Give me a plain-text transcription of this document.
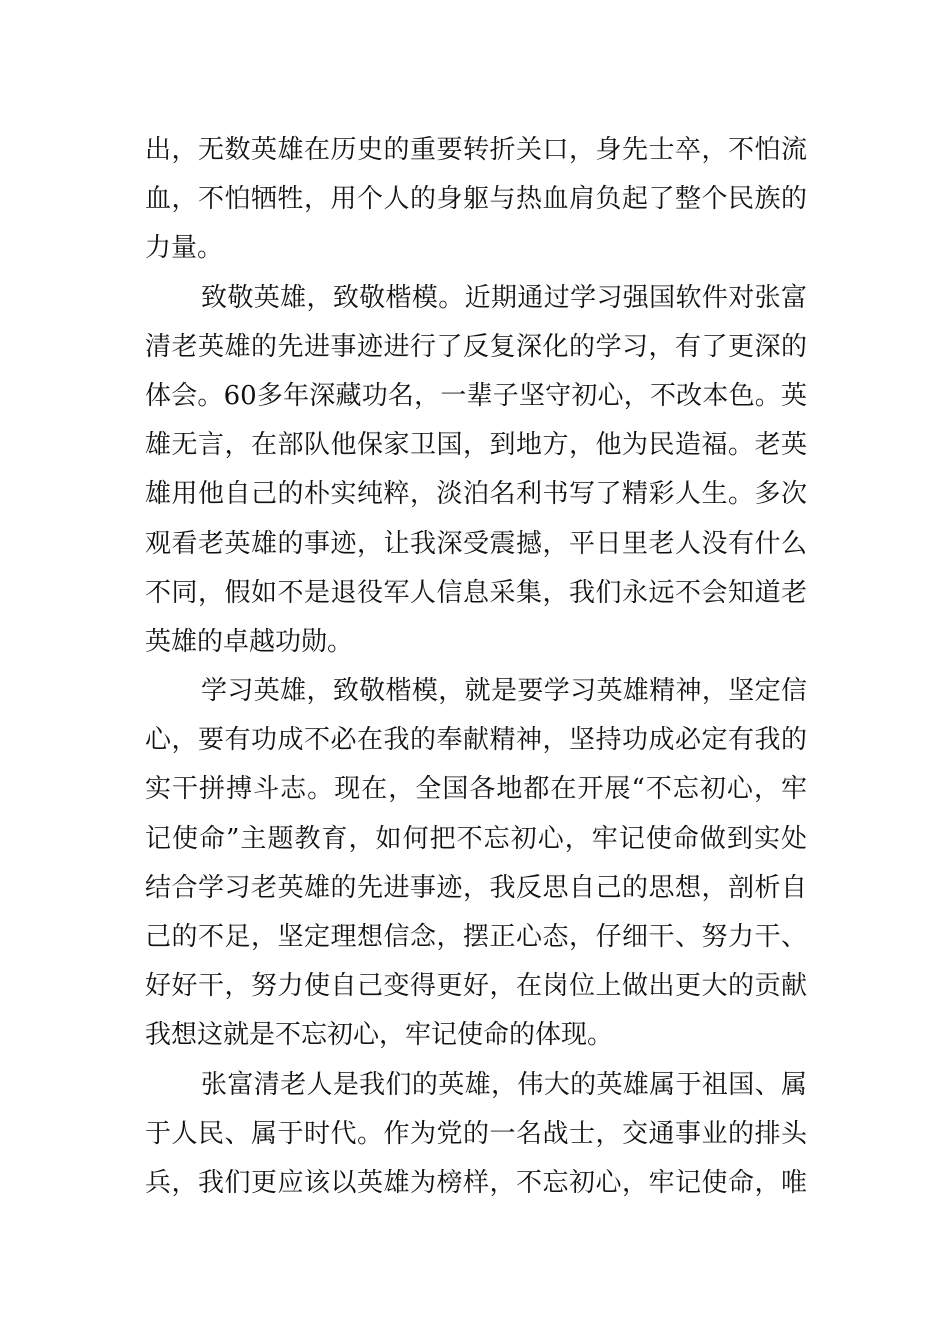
出，无数英雄在历史的重要转折关口，身先士卒，不怕流
血，不怕牺牲，用个人的身躯与热血肩负起了整个民族的
力量。
致敬英雄，致敬楷模。近期通过学习强国软件对张富
清老英雄的先进事迹进行了反复深化的学习，有了更深的
体会。60多年深藏功名，一辈子坚守初心，不改本色。英
雄无言，在部队他保家卫国，到地方，他为民造福。老英
雄用他自己的朴实纯粹，淡泊名利书写了精彩人生。多次
观看老英雄的事迹，让我深受震撼，平日里老人没有什么
不同，假如不是退役军人信息采集，我们永远不会知道老
英雄的卓越功勋。
学习英雄，致敬楷模，就是要学习英雄精神，坚定信
心，要有功成不必在我的奉献精神，坚持功成必定有我的
实干拼搏斗志。现在，全国各地都在开展“不忘初心，牢
记使命”主题教育，如何把不忘初心，牢记使命做到实处
结合学习老英雄的先进事迹，我反思自己的思想，剖析自
己的不足，坚定理想信念，摆正心态，仔细干、努力干、
好好干，努力使自己变得更好，在岗位上做出更大的贡献
我想这就是不忘初心，牢记使命的体现。
张富清老人是我们的英雄，伟大的英雄属于祖国、属
于人民、属于时代。作为党的一名战士，交通事业的排头
兵，我们更应该以英雄为榜样，不忘初心，牢记使命，唯
